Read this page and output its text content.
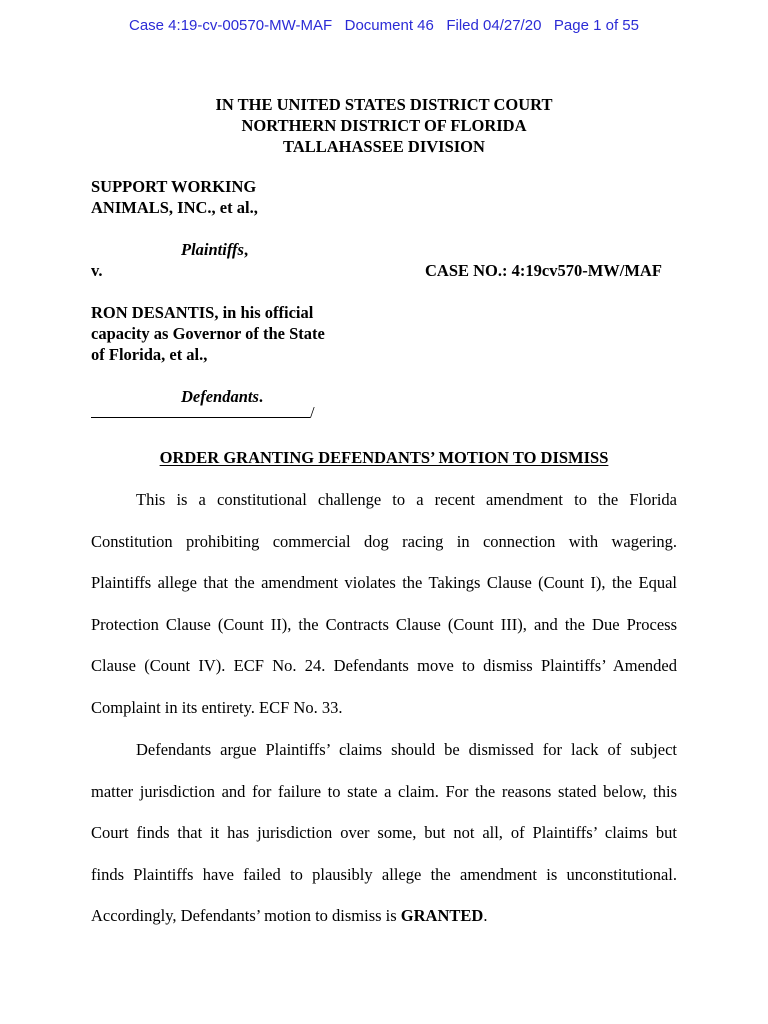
Case 4:19-cv-00570-MW-MAF   Document 46   Filed 04/27/20   Page 1 of 55
IN THE UNITED STATES DISTRICT COURT
NORTHERN DISTRICT OF FLORIDA
TALLAHASSEE DIVISION
SUPPORT WORKING
ANIMALS, INC., et al.,
Plaintiffs,
v.	CASE NO.: 4:19cv570-MW/MAF
RON DESANTIS, in his official
capacity as Governor of the State
of Florida, et al.,
Defendants.
/
ORDER GRANTING DEFENDANTS’ MOTION TO DISMISS
This is a constitutional challenge to a recent amendment to the Florida
Constitution prohibiting commercial dog racing in connection with wagering.
Plaintiffs allege that the amendment violates the Takings Clause (Count I), the Equal
Protection Clause (Count II), the Contracts Clause (Count III), and the Due Process
Clause (Count IV). ECF No. 24. Defendants move to dismiss Plaintiffs’ Amended
Complaint in its entirety. ECF No. 33.
Defendants argue Plaintiffs’ claims should be dismissed for lack of subject
matter jurisdiction and for failure to state a claim. For the reasons stated below, this
Court finds that it has jurisdiction over some, but not all, of Plaintiffs’ claims but
finds Plaintiffs have failed to plausibly allege the amendment is unconstitutional.
Accordingly, Defendants’ motion to dismiss is GRANTED.
